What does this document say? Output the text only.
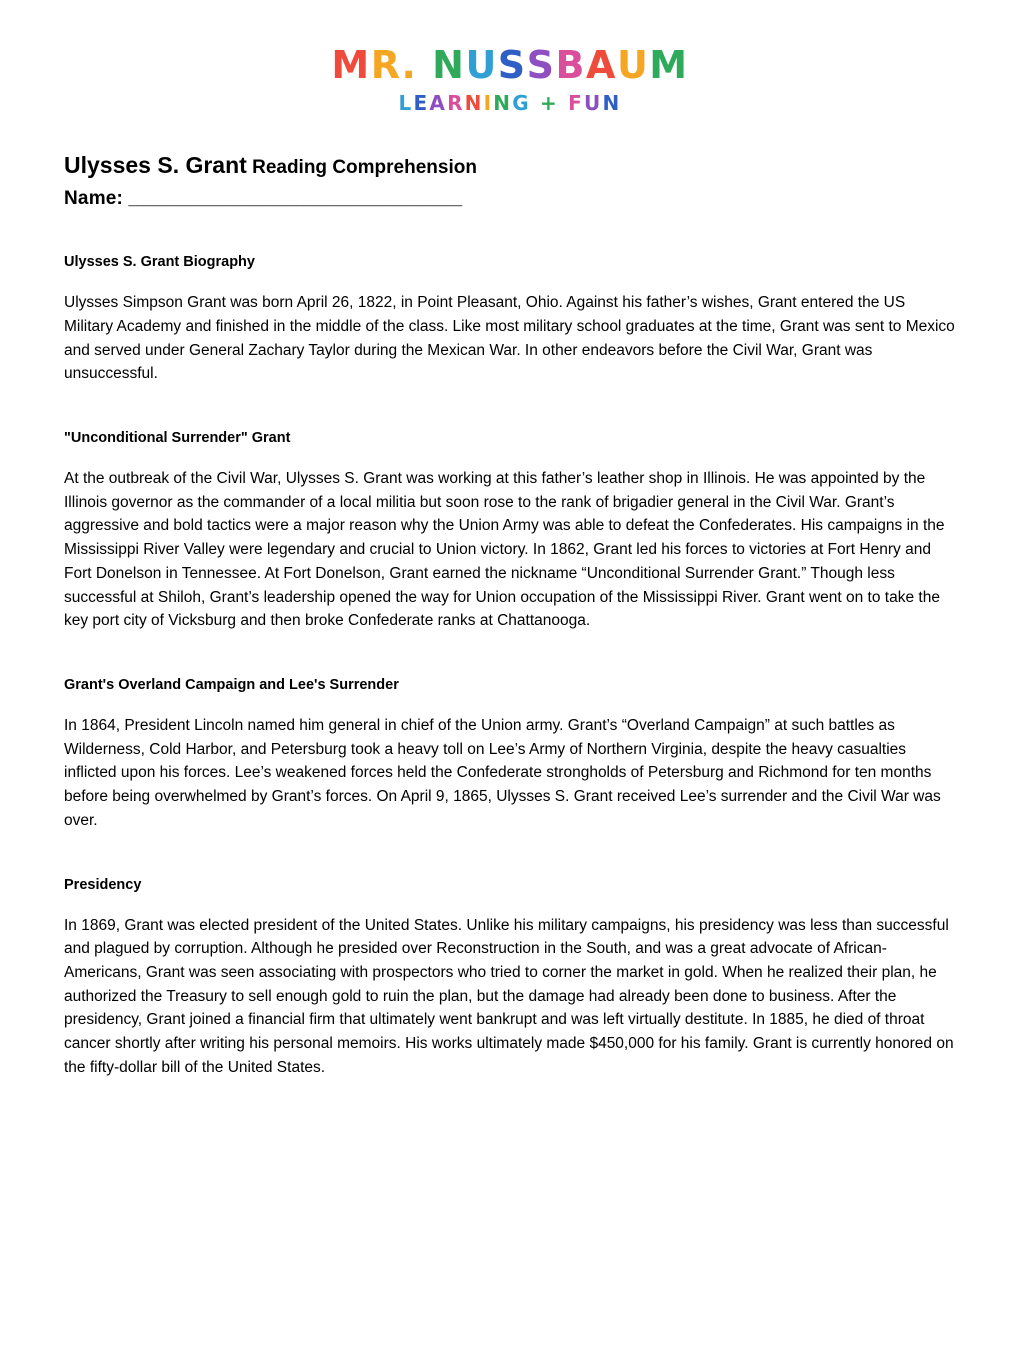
MR. NUSSBAUM
LEARNING + FUN
Ulysses S. Grant Reading Comprehension
Name: _______________________________
Ulysses S. Grant Biography

Ulysses Simpson Grant was born April 26, 1822, in Point Pleasant, Ohio. Against his father’s wishes, Grant entered the US Military Academy and finished in the middle of the class. Like most military school graduates at the time, Grant was sent to Mexico and served under General Zachary Taylor during the Mexican War. In other endeavors before the Civil War, Grant was unsuccessful.

"Unconditional Surrender" Grant

At the outbreak of the Civil War, Ulysses S. Grant was working at this father’s leather shop in Illinois. He was appointed by the Illinois governor as the commander of a local militia but soon rose to the rank of brigadier general in the Civil War. Grant’s aggressive and bold tactics were a major reason why the Union Army was able to defeat the Confederates. His campaigns in the Mississippi River Valley were legendary and crucial to Union victory. In 1862, Grant led his forces to victories at Fort Henry and Fort Donelson in Tennessee. At Fort Donelson, Grant earned the nickname “Unconditional Surrender Grant.” Though less successful at Shiloh, Grant’s leadership opened the way for Union occupation of the Mississippi River. Grant went on to take the key port city of Vicksburg and then broke Confederate ranks at Chattanooga.

Grant's Overland Campaign and Lee's Surrender

In 1864, President Lincoln named him general in chief of the Union army. Grant’s “Overland Campaign” at such battles as Wilderness, Cold Harbor, and Petersburg took a heavy toll on Lee’s Army of Northern Virginia, despite the heavy casualties inflicted upon his forces. Lee’s weakened forces held the Confederate strongholds of Petersburg and Richmond for ten months before being overwhelmed by Grant’s forces. On April 9, 1865, Ulysses S. Grant received Lee’s surrender and the Civil War was over.

Presidency

In 1869, Grant was elected president of the United States. Unlike his military campaigns, his presidency was less than successful and plagued by corruption. Although he presided over Reconstruction in the South, and was a great advocate of African-Americans, Grant was seen associating with prospectors who tried to corner the market in gold. When he realized their plan, he authorized the Treasury to sell enough gold to ruin the plan, but the damage had already been done to business. After the presidency, Grant joined a financial firm that ultimately went bankrupt and was left virtually destitute. In 1885, he died of throat cancer shortly after writing his personal memoirs. His works ultimately made $450,000 for his family. Grant is currently honored on the fifty-dollar bill of the United States.
